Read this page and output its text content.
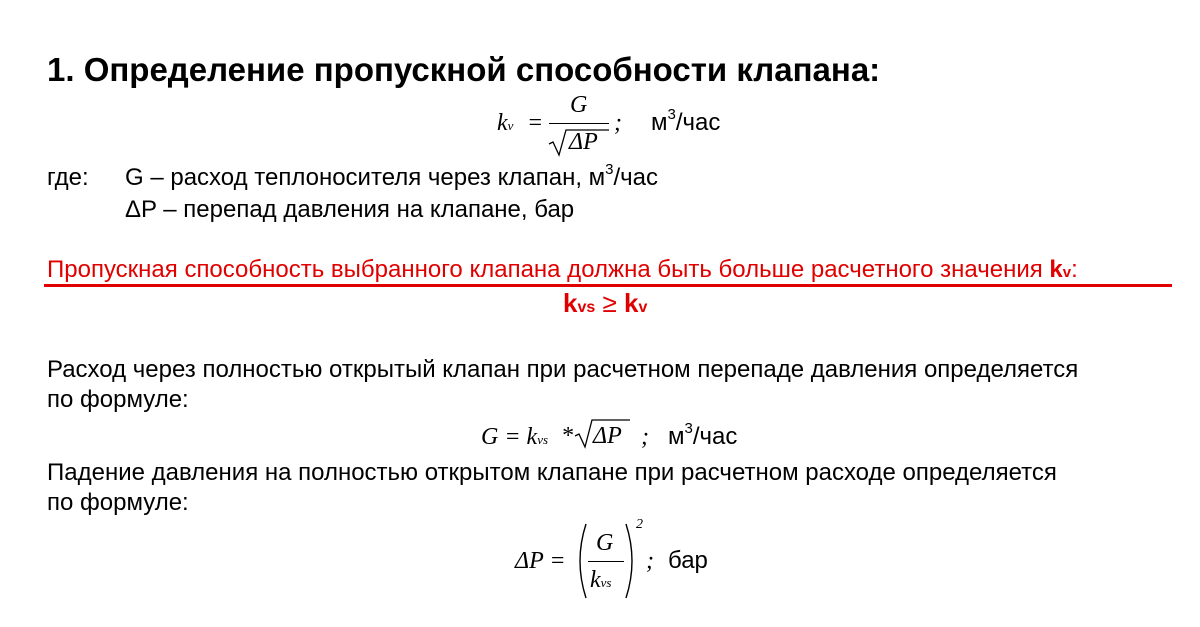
1. Определение пропускной способности клапана:
kv =
G
ΔP
; $м^3$/час
где: G – расход теплоносителя через клапан, $м^3$/час
ΔP – перепад давления на клапане, бар
Пропускная способность выбранного клапана должна быть больше расчетного значения kv:
kvs ≥ kv
Расход через полностью открытый клапан при расчетном перепаде давления определяется
по формуле:
G = kvs * ΔP ; $м^3$/час
Падение давления на полностью открытом клапане при расчетном расходе определяется
по формуле:
ΔP =
G
kvs
2
; бар
